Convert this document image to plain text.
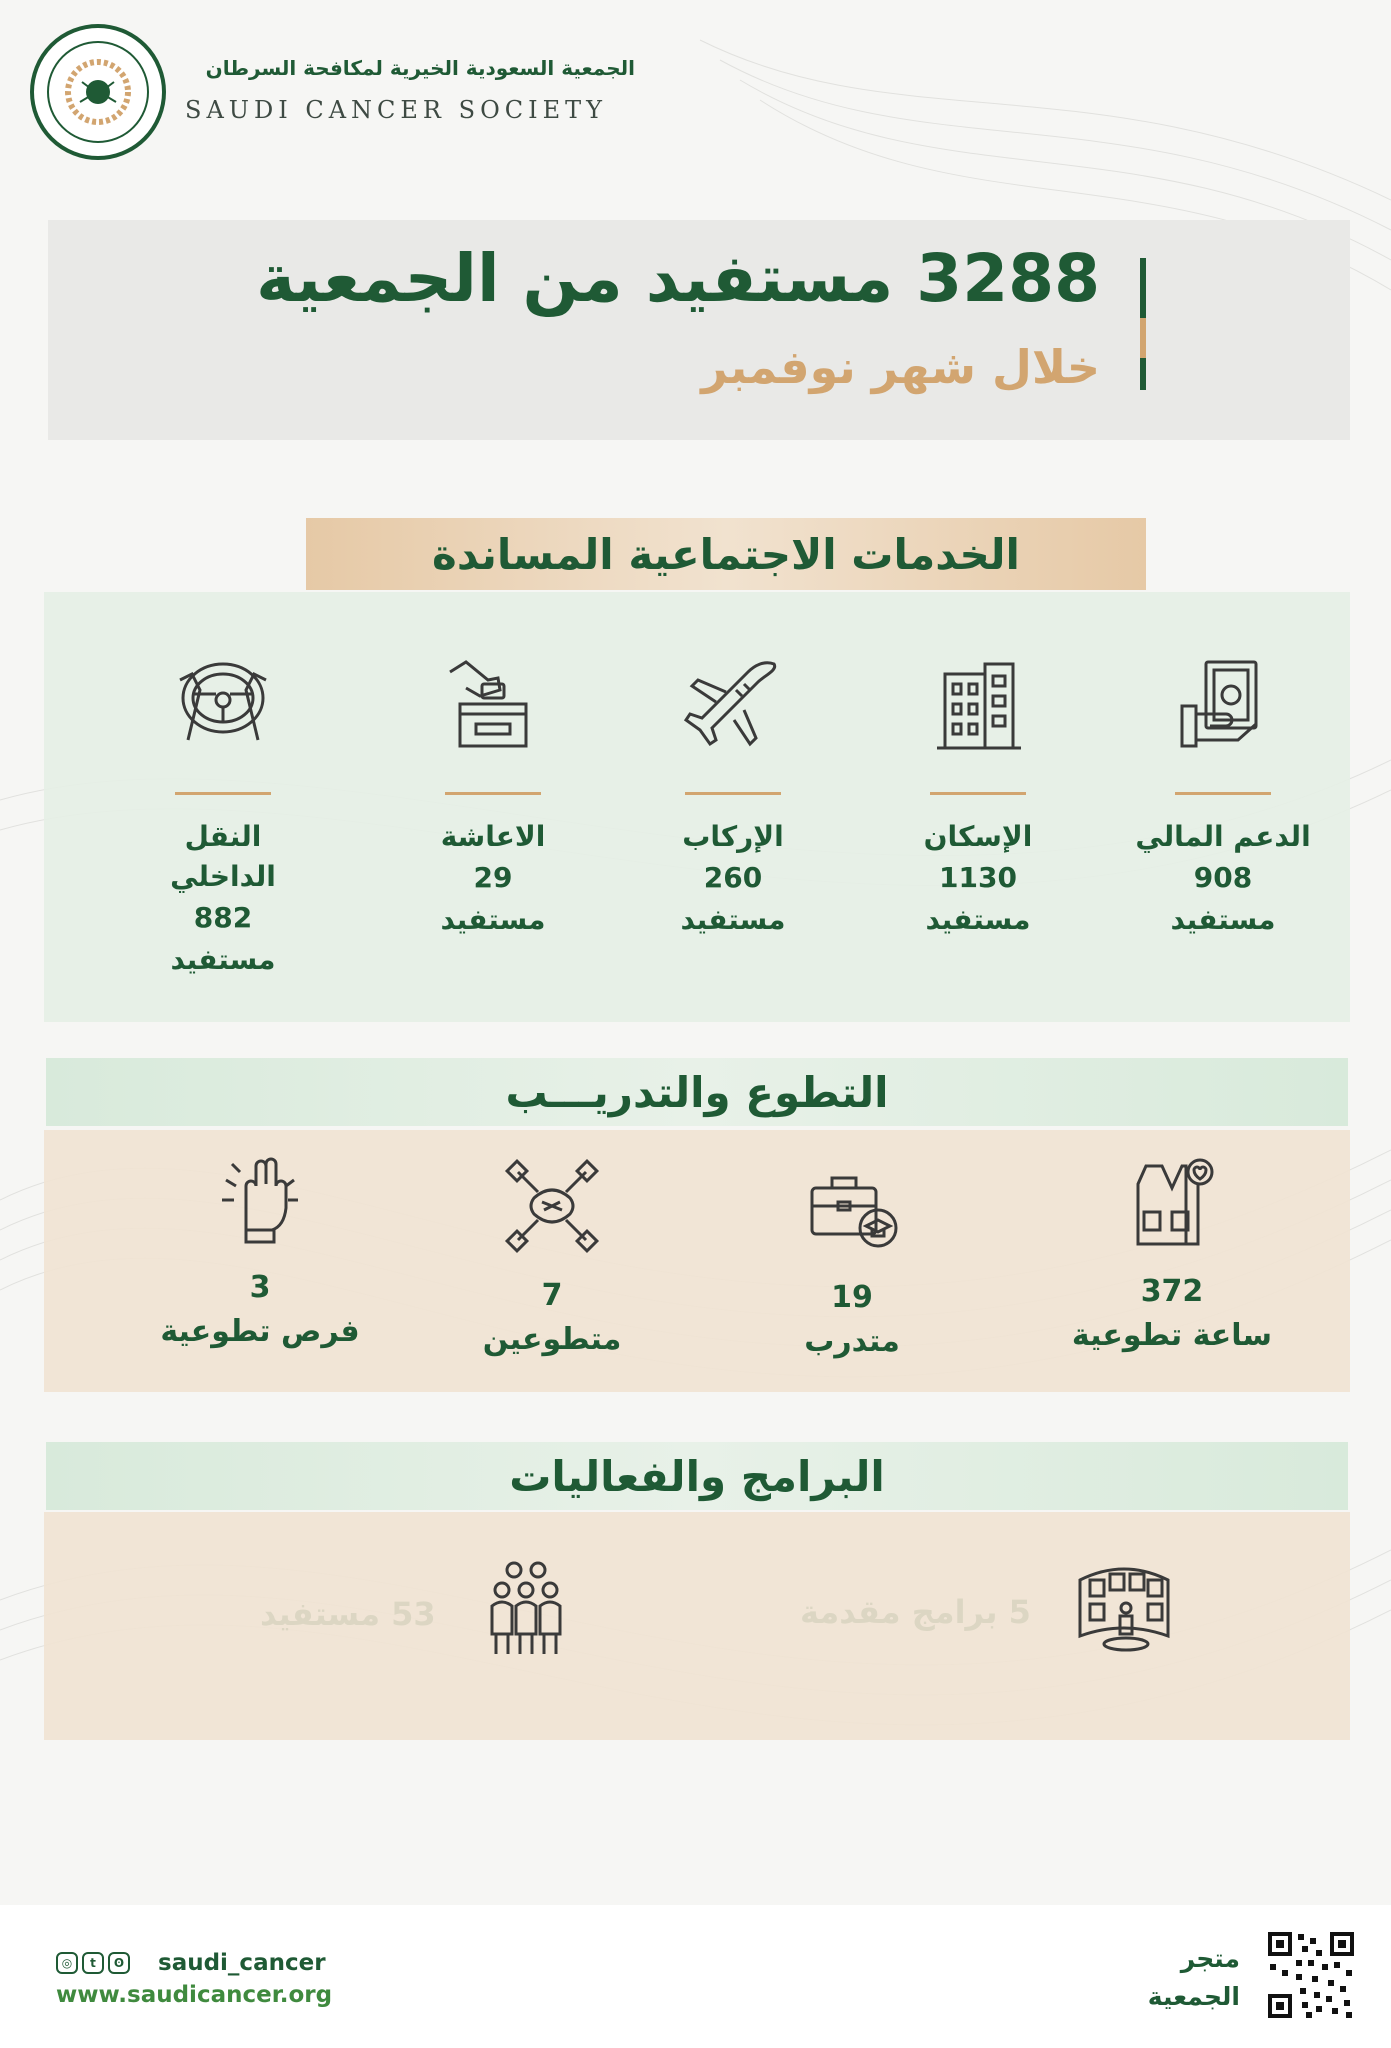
الجمعية السعودية الخيرية لمكافحة السرطان
SAUDI CANCER SOCIETY
3288 مستفيد من الجمعية
خلال شهر نوفمبر
الخدمات الاجتماعية المساندة
الدعم المالي
908
مستفيد
الإسكان
1130
مستفيد
الإركاب
260
مستفيد
الاعاشة
29
مستفيد
النقل الداخلي
882
مستفيد
التطوع والتدريـــب
372
ساعة تطوعية
19
متدرب
7
متطوعين
3
فرص تطوعية
البرامج والفعاليات
◎	t	ʘ saudi_cancer
www.saudicancer.org
متجر
الجمعية
